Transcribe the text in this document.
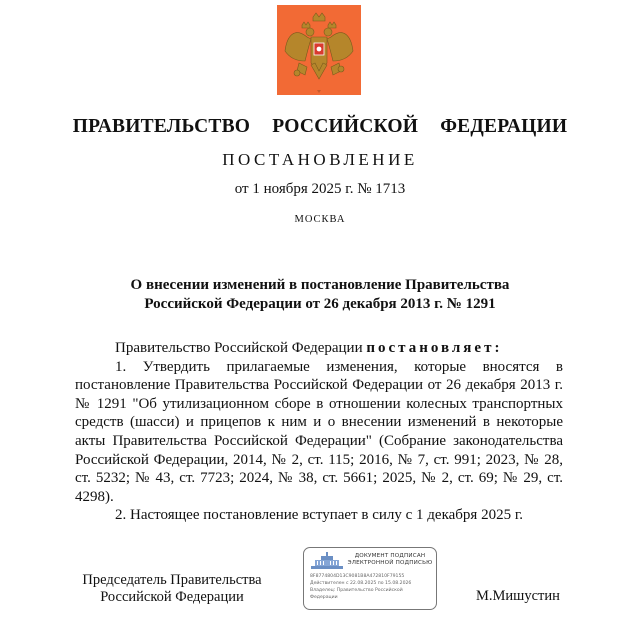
ПРАВИТЕЛЬСТВО  РОССИЙСКОЙ  ФЕДЕРАЦИИ
ПОСТАНОВЛЕНИЕ
от 1 ноября 2025 г. № 1713
МОСКВА
О внесении изменений в постановление Правительства
Российской Федерации от 26 декабря 2013 г. № 1291

Правительство Российской Федерации постановляет:

1. Утвердить прилагаемые изменения, которые вносятся в постановление Правительства Российской Федерации от 26 декабря 2013 г. № 1291 "Об утилизационном сборе в отношении колесных транспортных средств (шасси) и прицепов к ним и о внесении изменений в некоторые акты Правительства Российской Федерации" (Собрание законодательства Российской Федерации, 2014, № 2, ст. 115; 2016, № 7, ст. 991; 2023, № 28, ст. 5232; № 43, ст. 7723; 2024, № 38, ст. 5661; 2025, № 2, ст. 69; № 29, ст. 4298).

2. Настоящее постановление вступает в силу с 1 декабря 2025 г.

Председатель Правительства
Российской Федерации
ДОКУМЕНТ ПОДПИСАН
ЭЛЕКТРОННОЙ ПОДПИСЬЮ
8F8774804D13C9081B8A472810F79155
Действителен с 22.08.2025 по 15.08.2026
Владелец: Правительство Российской
Федерации	М.Мишустин
